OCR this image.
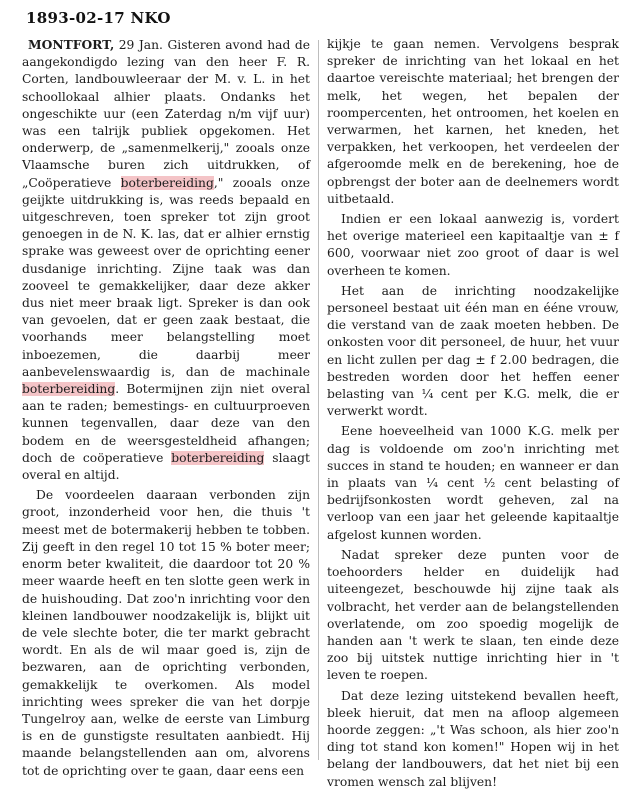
1893-02-17 NKO

MONTFORT, 29 Jan. Gisteren avond had de aangekondigdo lezing van den heer F. R. Corten, landbouwleeraar der M. v. L. in het schoollokaal alhier plaats. Ondanks het ongeschikte uur (een Zaterdag n/m vijf uur) was een talrijk publiek opgekomen. Het onderwerp, de „samenmelkerij," zooals onze Vlaamsche buren zich uitdrukken, of „Coöperatieve boterbereiding," zooals onze geijkte uitdrukking is, was reeds bepaald en uitgeschreven, toen spreker tot zijn groot genoegen in de N. K. las, dat er alhier ernstig sprake was geweest over de oprichting eener dusdanige inrichting. Zijne taak was dan zooveel te gemakkelijker, daar deze akker dus niet meer braak ligt. Spreker is dan ook van gevoelen, dat er geen zaak bestaat, die voorhands meer belangstelling moet inboezemen, die daarbij meer aanbevelenswaardig is, dan de machinale boterbereiding. Botermijnen zijn niet overal aan te raden; bemestings- en cultuurproeven kunnen tegenvallen, daar deze van den bodem en de weersgesteldheid afhangen; doch de coöperatieve boterbereiding slaagt overal en altijd.

De voordeelen daaraan verbonden zijn groot, inzonderheid voor hen, die thuis 't meest met de botermakerij hebben te tobben. Zij geeft in den regel 10 tot 15 % boter meer; enorm beter kwaliteit, die daardoor tot 20 % meer waarde heeft en ten slotte geen werk in de huishouding. Dat zoo'n inrichting voor den kleinen landbouwer noodzakelijk is, blijkt uit de vele slechte boter, die ter markt gebracht wordt. En als de wil maar goed is, zijn de bezwaren, aan de oprichting verbonden, gemakkelijk te overkomen. Als model inrichting wees spreker die van het dorpje Tungelroy aan, welke de eerste van Limburg is en de gunstigste resultaten aanbiedt. Hij maande belangstellenden aan om, alvorens tot de oprichting over te gaan, daar eens een

kijkje te gaan nemen. Vervolgens besprak spreker de inrichting van het lokaal en het daartoe vereischte materiaal; het brengen der melk, het wegen, het bepalen der roompercenten, het ontroomen, het koelen en verwarmen, het karnen, het kneden, het verpakken, het verkoopen, het verdeelen der afgeroomde melk en de berekening, hoe de opbrengst der boter aan de deelnemers wordt uitbetaald.

Indien er een lokaal aanwezig is, vordert het overige materieel een kapitaaltje van ± f 600, voorwaar niet zoo groot of daar is wel overheen te komen.

Het aan de inrichting noodzakelijke personeel bestaat uit één man en ééne vrouw, die verstand van de zaak moeten hebben. De onkosten voor dit personeel, de huur, het vuur en licht zullen per dag ± f 2.00 bedragen, die bestreden worden door het heffen eener belasting van ¼ cent per K.G. melk, die er verwerkt wordt.

Eene hoeveelheid van 1000 K.G. melk per dag is voldoende om zoo'n inrichting met succes in stand te houden; en wanneer er dan in plaats van ¼ cent ½ cent belasting of bedrijfsonkosten wordt geheven, zal na verloop van een jaar het geleende kapitaaltje afgelost kunnen worden.

Nadat spreker deze punten voor de toehoorders helder en duidelijk had uiteengezet, beschouwde hij zijne taak als volbracht, het verder aan de belangstellenden overlatende, om zoo spoedig mogelijk de handen aan 't werk te slaan, ten einde deze zoo bij uitstek nuttige inrichting hier in 't leven te roepen.

Dat deze lezing uitstekend bevallen heeft, bleek hieruit, dat men na afloop algemeen hoorde zeggen: „'t Was schoon, als hier zoo'n ding tot stand kon komen!" Hopen wij in het belang der landbouwers, dat het niet bij een vromen wensch zal blijven!
